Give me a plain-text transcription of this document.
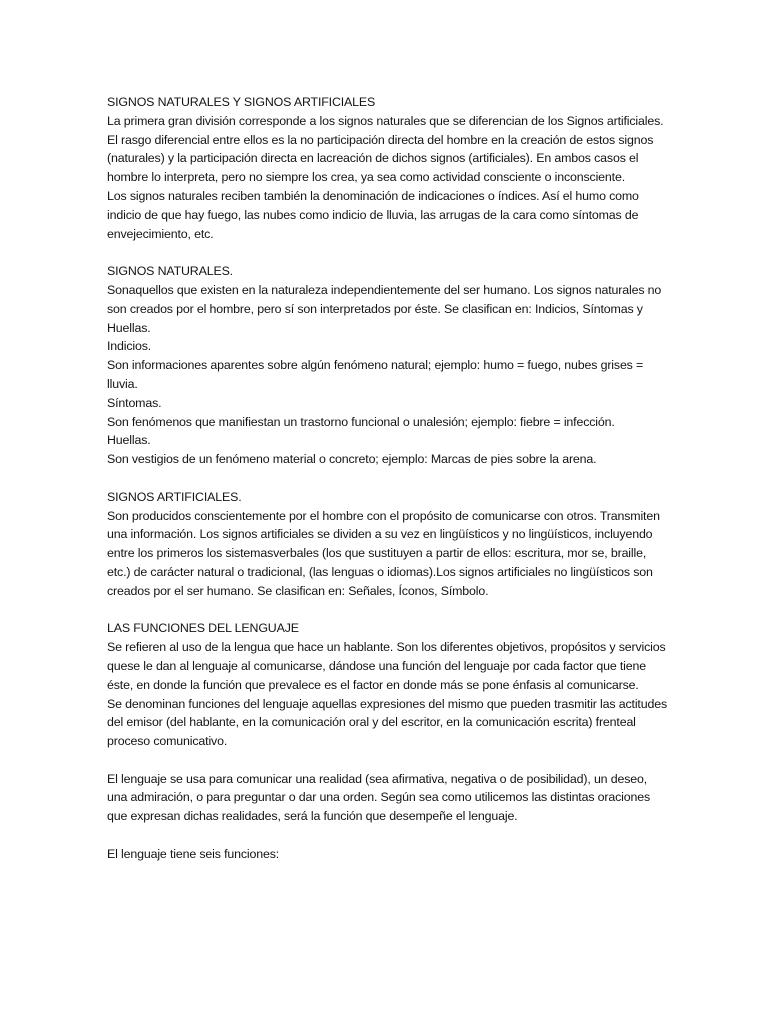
SIGNOS NATURALES Y SIGNOS ARTIFICIALES

La primera gran división corresponde a los signos naturales que se diferencian de los Signos artificiales. El rasgo diferencial entre ellos es la no participación directa del hombre en la creación de estos signos (naturales) y la participación directa en lacreación de dichos signos (artificiales). En ambos casos el hombre lo interpreta, pero no siempre los crea, ya sea como actividad consciente o inconsciente.

Los signos naturales reciben también la denominación de indicaciones o índices. Así el humo como indicio de que hay fuego, las nubes como indicio de lluvia, las arrugas de la cara como síntomas de envejecimiento, etc.

SIGNOS NATURALES.

Sonaquellos que existen en la naturaleza independientemente del ser humano. Los signos naturales no son creados por el hombre, pero sí son interpretados por éste. Se clasifican en: Indicios, Síntomas y Huellas.

Indicios.

Son informaciones aparentes sobre algún fenómeno natural; ejemplo: humo = fuego, nubes grises = lluvia.

Síntomas.

Son fenómenos que manifiestan un trastorno funcional o unalesión; ejemplo: fiebre = infección.

Huellas.

Son vestigios de un fenómeno material o concreto; ejemplo: Marcas de pies sobre la arena.

SIGNOS ARTIFICIALES.

Son producidos conscientemente por el hombre con el propósito de comunicarse con otros. Transmiten una información. Los signos artificiales se dividen a su vez en lingüísticos y no lingüísticos, incluyendo entre los primeros los sistemasverbales (los que sustituyen a partir de ellos: escritura, mor se, braille, etc.) de carácter natural o tradicional, (las lenguas o idiomas).Los signos artificiales no lingüísticos son creados por el ser humano. Se clasifican en: Señales, Íconos, Símbolo.

LAS FUNCIONES DEL LENGUAJE

Se refieren al uso de la lengua que hace un hablante. Son los diferentes objetivos, propósitos y servicios quese le dan al lenguaje al comunicarse, dándose una función del lenguaje por cada factor que tiene éste, en donde la función que prevalece es el factor en donde más se pone énfasis al comunicarse.

Se denominan funciones del lenguaje aquellas expresiones del mismo que pueden trasmitir las actitudes del emisor (del hablante, en la comunicación oral y del escritor, en la comunicación escrita) frenteal proceso comunicativo.

El lenguaje se usa para comunicar una realidad (sea afirmativa, negativa o de posibilidad), un deseo, una admiración, o para preguntar o dar una orden. Según sea como utilicemos las distintas oraciones que expresan dichas realidades, será la función que desempeñe el lenguaje.

El lenguaje tiene seis funciones:
